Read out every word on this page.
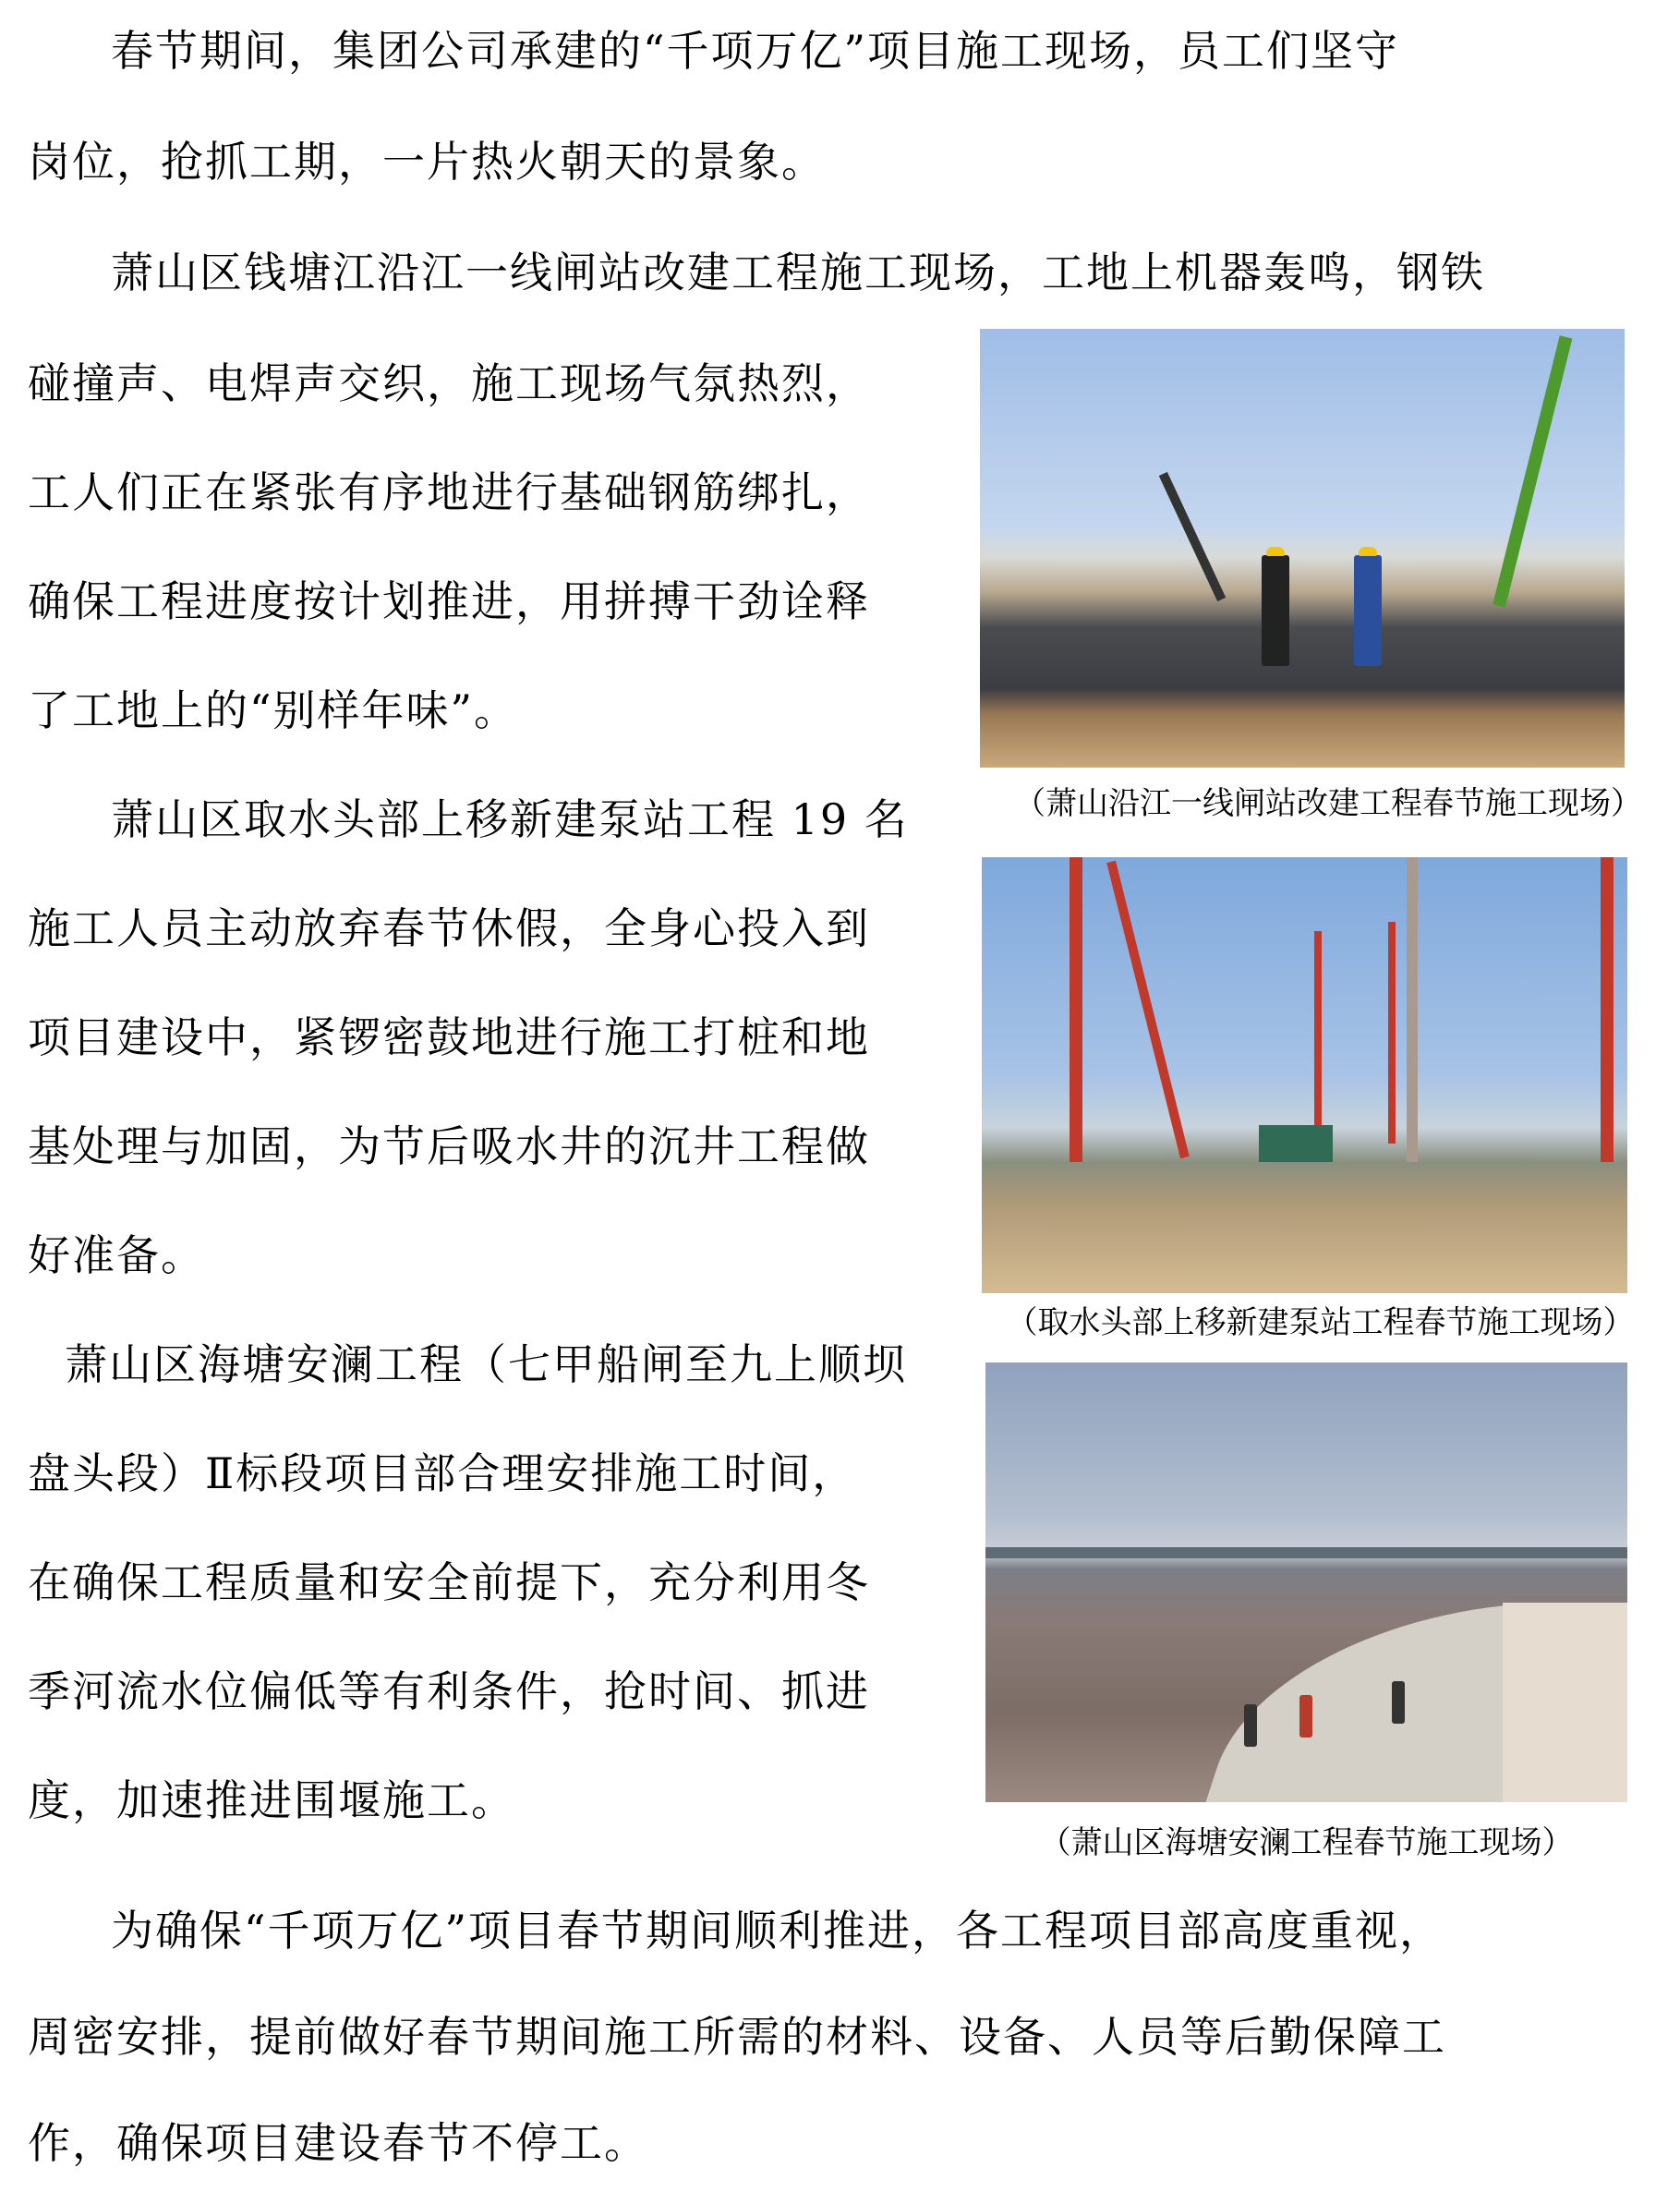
春节期间，集团公司承建的“千项万亿”项目施工现场，员工们坚守
岗位，抢抓工期，一片热火朝天的景象。
萧山区钱塘江沿江一线闸站改建工程施工现场，工地上机器轰鸣，钢铁
碰撞声、电焊声交织，施工现场气氛热烈，
工人们正在紧张有序地进行基础钢筋绑扎，
确保工程进度按计划推进，用拼搏干劲诠释
了工地上的“别样年味”。
（萧山沿江一线闸站改建工程春节施工现场）
萧山区取水头部上移新建泵站工程 19 名
施工人员主动放弃春节休假，全身心投入到
项目建设中，紧锣密鼓地进行施工打桩和地
基处理与加固，为节后吸水井的沉井工程做
好准备。
（取水头部上移新建泵站工程春节施工现场）
萧山区海塘安澜工程（七甲船闸至九上顺坝
盘头段）Ⅱ标段项目部合理安排施工时间，
在确保工程质量和安全前提下，充分利用冬
季河流水位偏低等有利条件，抢时间、抓进
度，加速推进围堰施工。
（萧山区海塘安澜工程春节施工现场）
为确保“千项万亿”项目春节期间顺利推进，各工程项目部高度重视，
周密安排，提前做好春节期间施工所需的材料、设备、人员等后勤保障工
作，确保项目建设春节不停工。
